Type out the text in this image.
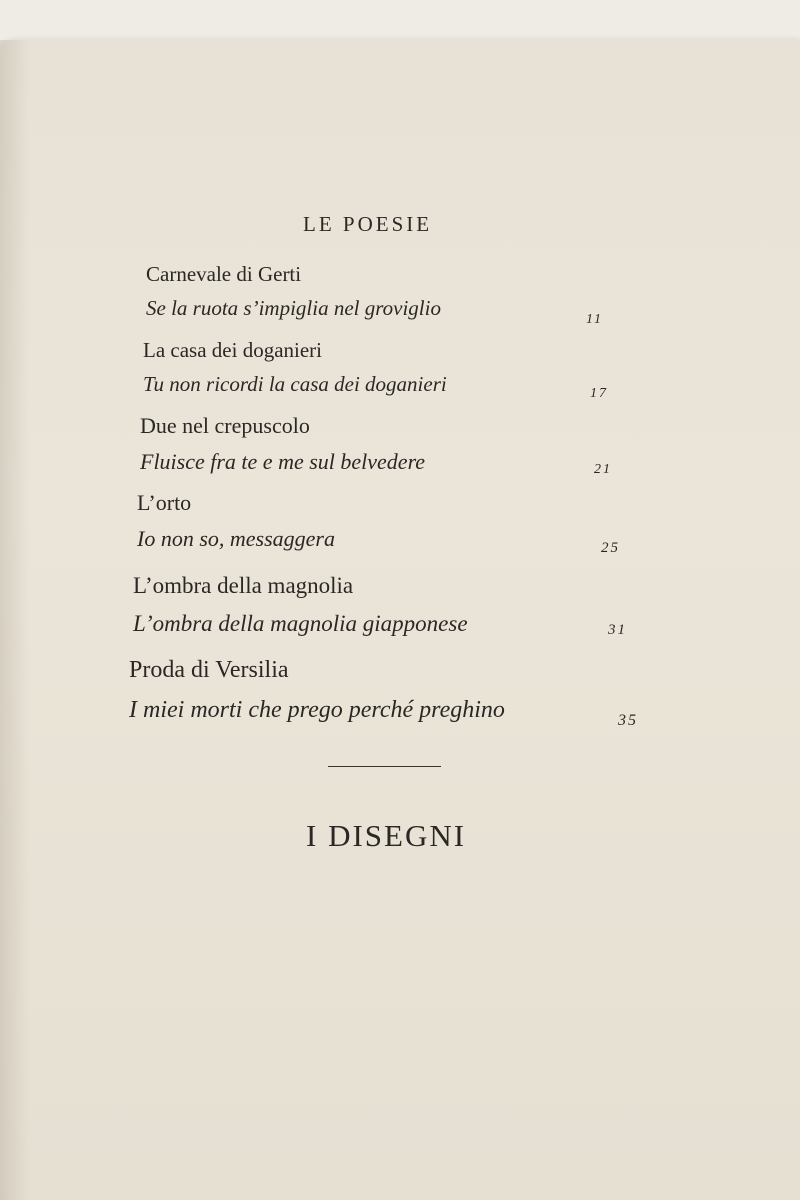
LE POESIE
Carnevale di Gerti
Se la ruota s’impiglia nel groviglio	11
La casa dei doganieri
Tu non ricordi la casa dei doganieri	17
Due nel crepuscolo
Fluisce fra te e me sul belvedere	21
L’orto
Io non so, messaggera	25
L’ombra della magnolia
L’ombra della magnolia giapponese	31
Proda di Versilia
I miei morti che prego perché preghino	35
I DISEGNI
